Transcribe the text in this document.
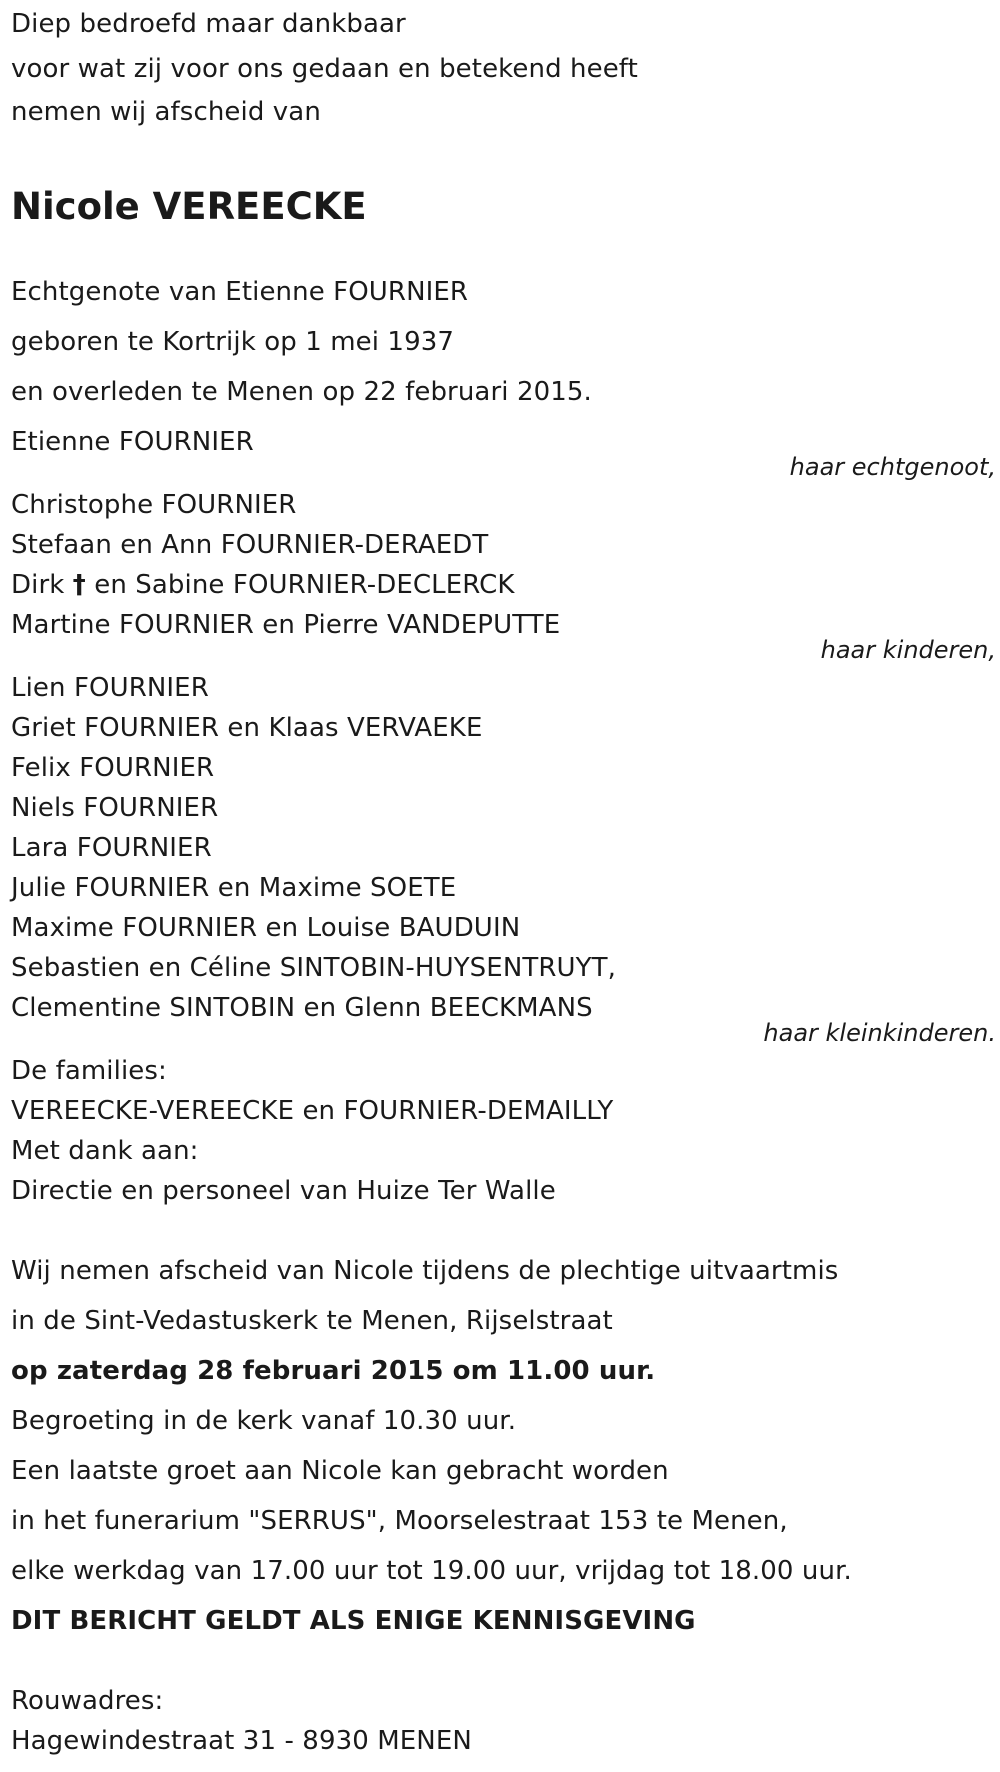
Diep bedroefd maar dankbaar
voor wat zij voor ons gedaan en betekend heeft
nemen wij afscheid van
Nicole VEREECKE
Echtgenote van Etienne FOURNIER
geboren te Kortrijk op 1 mei 1937
en overleden te Menen op 22 februari 2015.
Etienne FOURNIER
haar echtgenoot,
Christophe FOURNIER
Stefaan en Ann FOURNIER-DERAEDT
Dirk † en Sabine FOURNIER-DECLERCK
Martine FOURNIER en Pierre VANDEPUTTE
haar kinderen,
Lien FOURNIER
Griet FOURNIER en Klaas VERVAEKE
Felix FOURNIER
Niels FOURNIER
Lara FOURNIER
Julie FOURNIER en Maxime SOETE
Maxime FOURNIER en Louise BAUDUIN
Sebastien en Céline SINTOBIN-HUYSENTRUYT,
Clementine SINTOBIN en Glenn BEECKMANS
haar kleinkinderen.
De families:
VEREECKE-VEREECKE en FOURNIER-DEMAILLY
Met dank aan:
Directie en personeel van Huize Ter Walle
Wij nemen afscheid van Nicole tijdens de plechtige uitvaartmis
in de Sint-Vedastuskerk te Menen, Rijselstraat
op zaterdag 28 februari 2015 om 11.00 uur.
Begroeting in de kerk vanaf 10.30 uur.
Een laatste groet aan Nicole kan gebracht worden
in het funerarium "SERRUS", Moorselestraat 153 te Menen,
elke werkdag van 17.00 uur tot 19.00 uur, vrijdag tot 18.00 uur.
DIT BERICHT GELDT ALS ENIGE KENNISGEVING
Rouwadres:
Hagewindestraat 31 - 8930 MENEN
